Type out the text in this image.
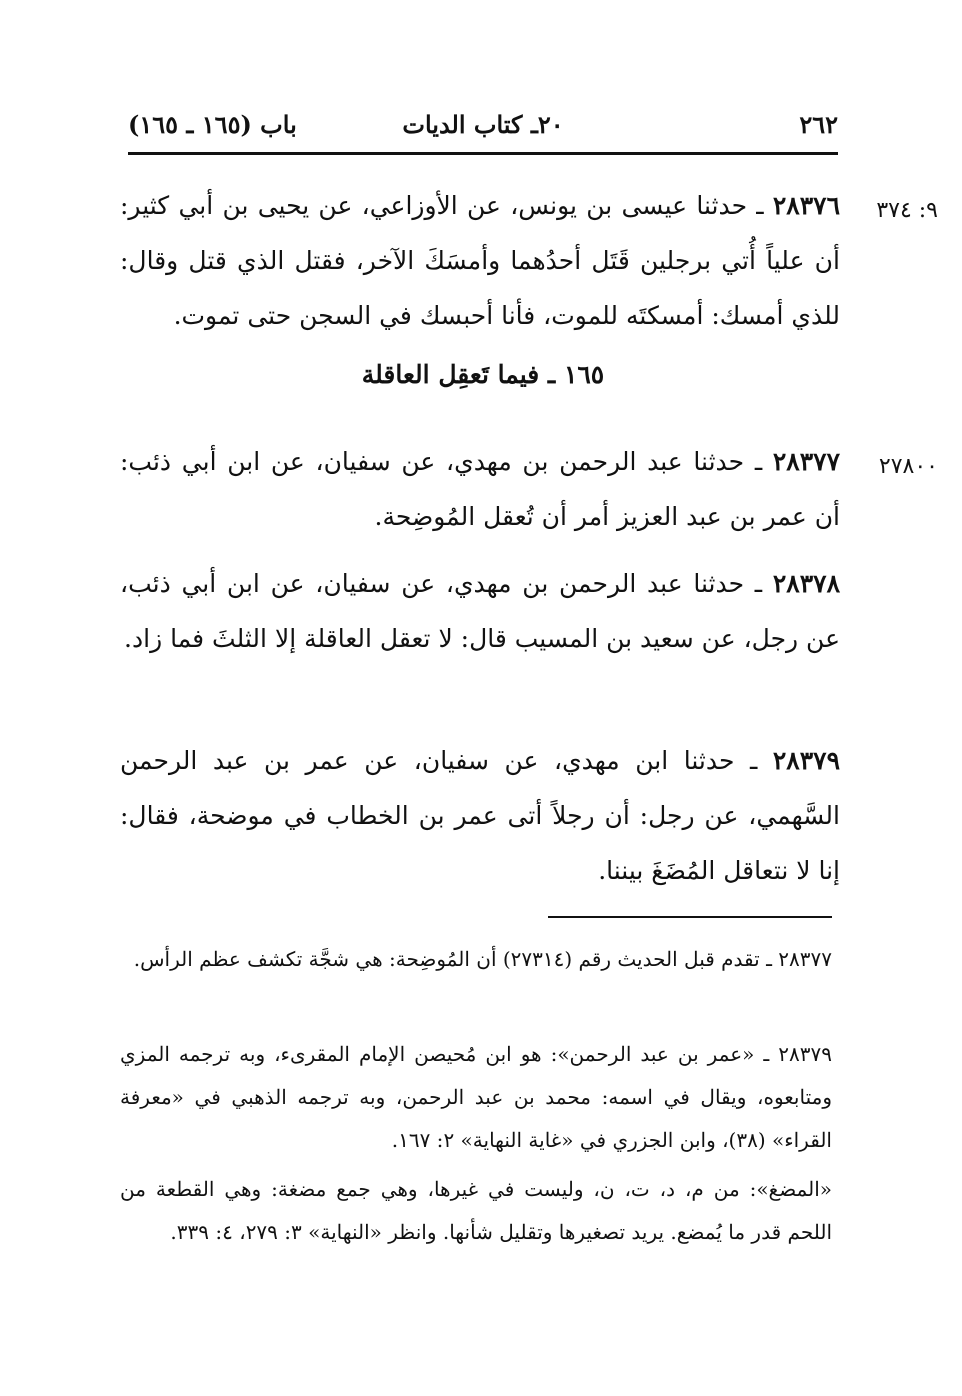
٢٦٢
٢٠ـ كتاب الديات
باب (١٦٥ ـ ١٦٥)
٩: ٣٧٤

٢٨٣٧٦ ـ حدثنا عيسى بن يونس، عن الأوزاعي، عن يحيى بن أبي كثير: أن علياً أُتي برجلين قَتَل أحدُهما وأمسَكَ الآخر، فقتل الذي قتل وقال: للذي أمسك: أمسكتَه للموت، فأنا أحبسك في السجن حتى تموت.

١٦٥ ـ فيما تَعقِل العاقلة
٢٧٨٠٠

٢٨٣٧٧ ـ حدثنا عبد الرحمن بن مهدي، عن سفيان، عن ابن أبي ذئب: أن عمر بن عبد العزيز أمر أن تُعقل المُوضِحة.

٢٨٣٧٨ ـ حدثنا عبد الرحمن بن مهدي، عن سفيان، عن ابن أبي ذئب، عن رجل، عن سعيد بن المسيب قال: لا تعقل العاقلة إلا الثلثَ فما زاد.

٢٨٣٧٩ ـ حدثنا ابن مهدي، عن سفيان، عن عمر بن عبد الرحمن السَّهمي، عن رجل: أن رجلاً أتى عمر بن الخطاب في موضحة، فقال: إنا لا نتعاقل المُضَغَ بيننا.

٢٨٣٧٧ ـ تقدم قبل الحديث رقم (٢٧٣١٤) أن المُوضِحة: هي شجَّة تكشف عظم الرأس.

٢٨٣٧٩ ـ «عمر بن عبد الرحمن»: هو ابن مُحيصن الإمام المقرىء، وبه ترجمه المزي ومتابعوه، ويقال في اسمه: محمد بن عبد الرحمن، وبه ترجمه الذهبي في «معرفة القراء» (٣٨)، وابن الجزري في «غاية النهاية» ٢: ١٦٧.

«المضغ»: من م، د، ت، ن، وليست في غيرها، وهي جمع مضغة: وهي القطعة من اللحم قدر ما يُمضع. يريد تصغيرها وتقليل شأنها. وانظر «النهاية» ٣: ٢٧٩، ٤: ٣٣٩.
